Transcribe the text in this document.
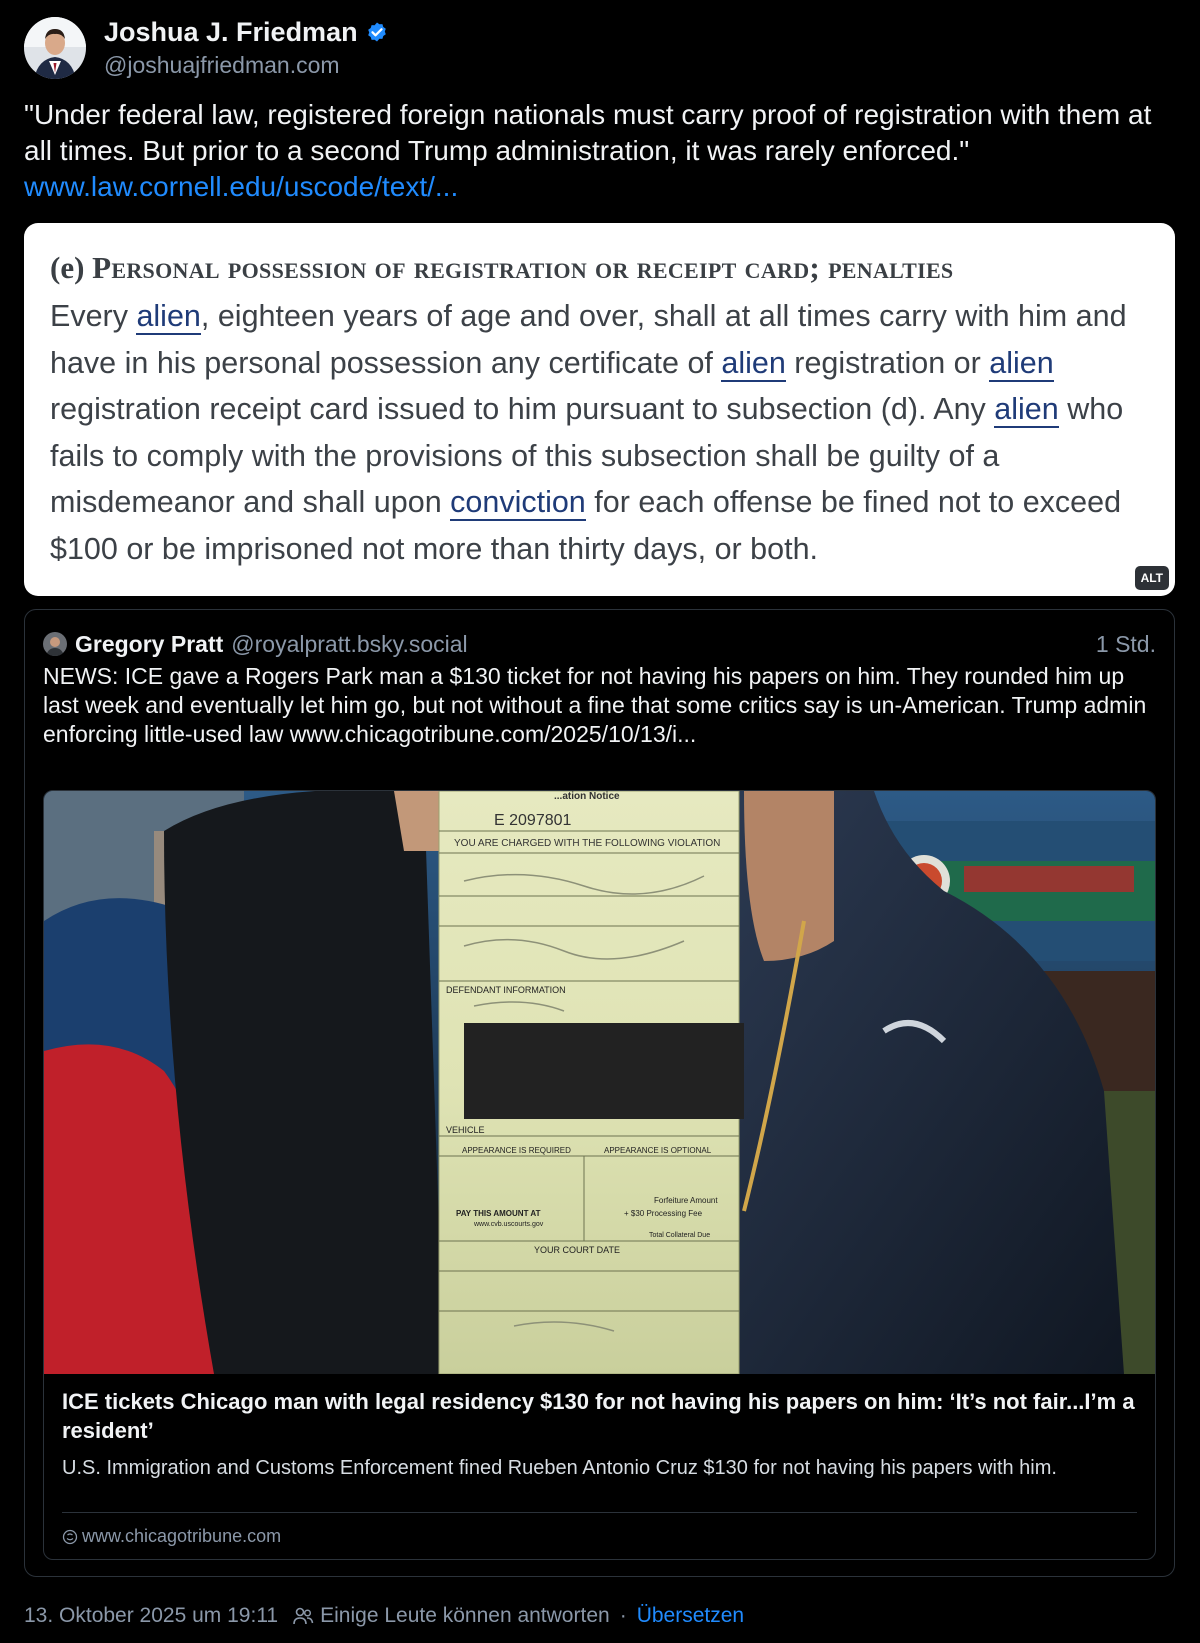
Joshua J. Friedman
@joshuajfriedman.com
"Under federal law, registered foreign nationals must carry proof of registration with them at all times. But prior to a second Trump administration, it was rarely enforced." www.law.cornell.edu/uscode/text/...
(e) Personal possession of registration or receipt card; penalties
Every alien, eighteen years of age and over, shall at all times carry with him and have in his personal possession any certificate of alien registration or alien registration receipt card issued to him pursuant to subsection (d). Any alien who fails to comply with the provisions of this subsection shall be guilty of a misdemeanor and shall upon conviction for each offense be fined not to exceed $100 or be imprisoned not more than thirty days, or both.
ALT
Gregory Pratt @royalpratt.bsky.social	1 Std.
NEWS: ICE gave a Rogers Park man a $130 ticket for not having his papers on him. They rounded him up last week and eventually let him go, but not without a fine that some critics say is un-American. Trump admin enforcing little-used law www.chicagotribune.com/2025/10/13/i...
...ation Notice
E 2097801
YOU ARE CHARGED WITH THE FOLLOWING VIOLATION
DEFENDANT INFORMATION
VEHICLE
APPEARANCE IS REQUIRED	APPEARANCE IS OPTIONAL
PAY THIS AMOUNT AT
www.cvb.uscourts.gov
Forfeiture Amount
+ $30 Processing Fee
Total Collateral Due
YOUR COURT DATE
ICE tickets Chicago man with legal residency $130 for not having his papers on him: ‘It’s not fair...I’m a resident’
U.S. Immigration and Customs Enforcement fined Rueben Antonio Cruz $130 for not having his papers with him.
www.chicagotribune.com
13. Oktober 2025 um 19:11 Einige Leute können antworten · Übersetzen
